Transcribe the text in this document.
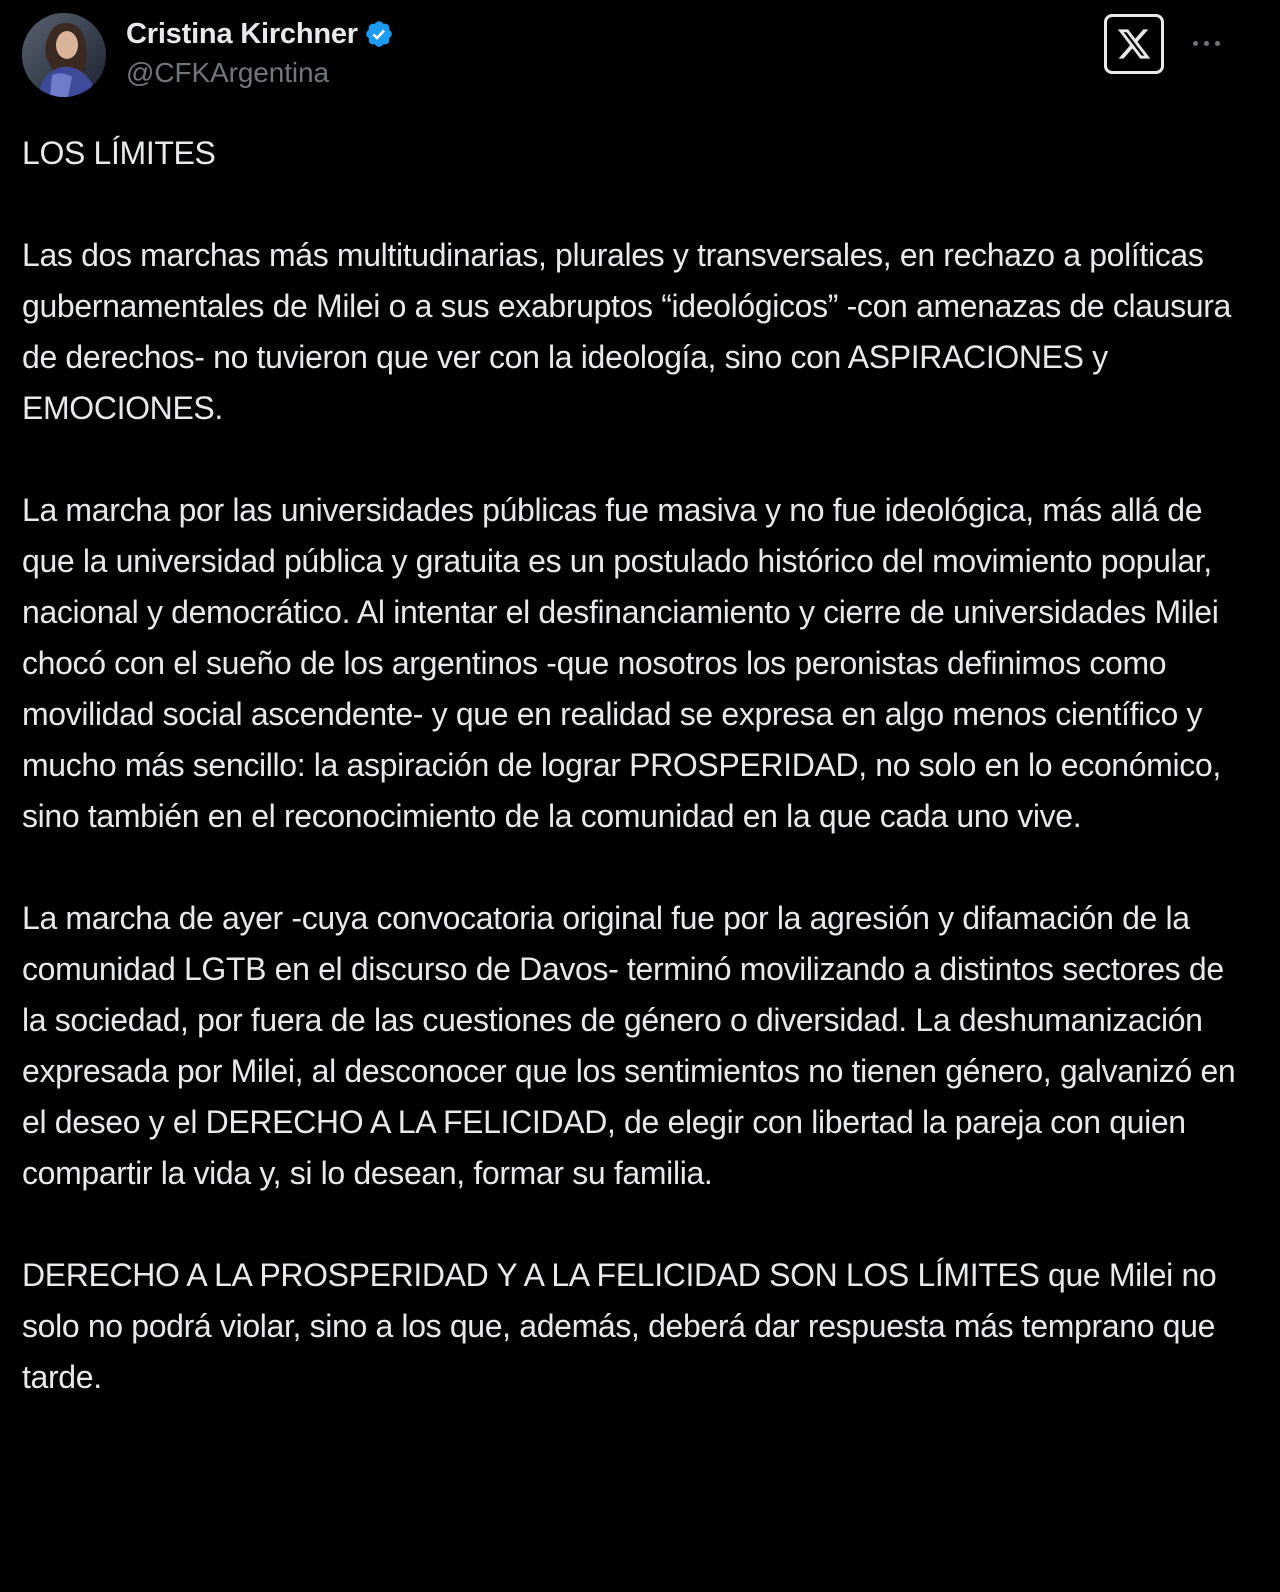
Cristina Kirchner
@CFKArgentina

LOS LÍMITES

Las dos marchas más multitudinarias, plurales y transversales, en rechazo a políticas gubernamentales de Milei o a sus exabruptos “ideológicos” -con amenazas de clausura de derechos- no tuvieron que ver con la ideología, sino con ASPIRACIONES y EMOCIONES.

La marcha por las universidades públicas fue masiva y no fue ideológica, más allá de que la universidad pública y gratuita es un postulado histórico del movimiento popular, nacional y democrático. Al intentar el desfinanciamiento y cierre de universidades Milei chocó con el sueño de los argentinos -que nosotros los peronistas definimos como movilidad social ascendente- y que en realidad se expresa en algo menos científico y mucho más sencillo: la aspiración de lograr PROSPERIDAD, no solo en lo económico, sino también en el reconocimiento de la comunidad en la que cada uno vive.

La marcha de ayer -cuya convocatoria original fue por la agresión y difamación de la comunidad LGTB en el discurso de Davos- terminó movilizando a distintos sectores de la sociedad, por fuera de las cuestiones de género o diversidad. La deshumanización expresada por Milei, al desconocer que los sentimientos no tienen género, galvanizó en el deseo y el DERECHO A LA FELICIDAD, de elegir con libertad la pareja con quien compartir la vida y, si lo desean, formar su familia.

DERECHO A LA PROSPERIDAD Y A LA FELICIDAD SON LOS LÍMITES que Milei no solo no podrá violar, sino a los que, además, deberá dar respuesta más temprano que tarde.
